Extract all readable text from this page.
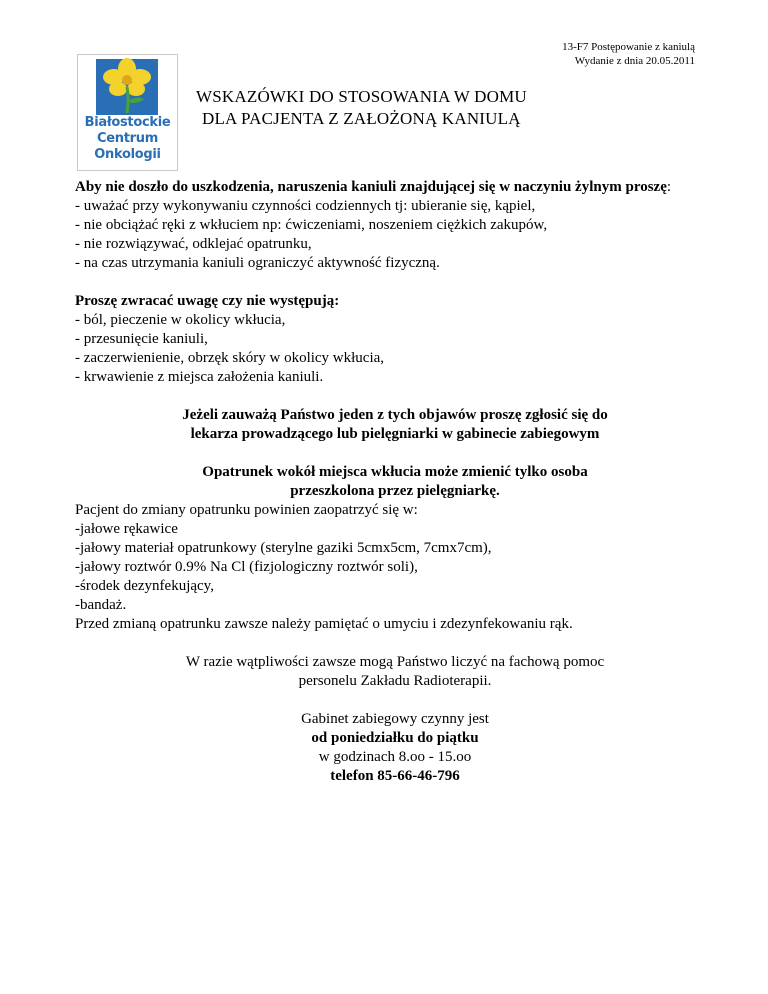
13-F7 Postępowanie z kaniulą
Wydanie z dnia 20.05.2011
Białostockie
Centrum
Onkologii
WSKAZÓWKI DO STOSOWANIA W DOMU
DLA PACJENTA Z ZAŁOŻONĄ KANIULĄ

Aby nie doszło do uszkodzenia, naruszenia kaniuli znajdującej się w naczyniu żylnym proszę:

- uważać przy wykonywaniu czynności codziennych tj: ubieranie się, kąpiel,

- nie obciążać ręki z wkłuciem np: ćwiczeniami, noszeniem ciężkich zakupów,

- nie rozwiązywać, odklejać opatrunku,

- na czas utrzymania kaniuli ograniczyć aktywność fizyczną.

Proszę zwracać uwagę czy nie występują:

- ból, pieczenie w okolicy wkłucia,

- przesunięcie kaniuli,

- zaczerwienienie, obrzęk skóry w okolicy wkłucia,

- krwawienie z miejsca założenia kaniuli.

Jeżeli zauważą Państwo jeden z tych objawów proszę zgłosić się do

lekarza prowadzącego lub pielęgniarki w gabinecie zabiegowym

Opatrunek wokół miejsca wkłucia może zmienić tylko osoba

przeszkolona przez pielęgniarkę.

Pacjent do zmiany opatrunku powinien zaopatrzyć się w:

-jałowe rękawice

-jałowy materiał opatrunkowy (sterylne gaziki 5cmx5cm, 7cmx7cm),

-jałowy roztwór 0.9% Na Cl (fizjologiczny roztwór soli),

-środek dezynfekujący,

-bandaż.

Przed zmianą opatrunku zawsze należy pamiętać o umyciu i zdezynfekowaniu rąk.

W razie wątpliwości zawsze mogą Państwo liczyć na fachową pomoc

personelu Zakładu Radioterapii.

Gabinet zabiegowy czynny jest

od poniedziałku do piątku

w godzinach 8.oo - 15.oo

telefon 85-66-46-796
